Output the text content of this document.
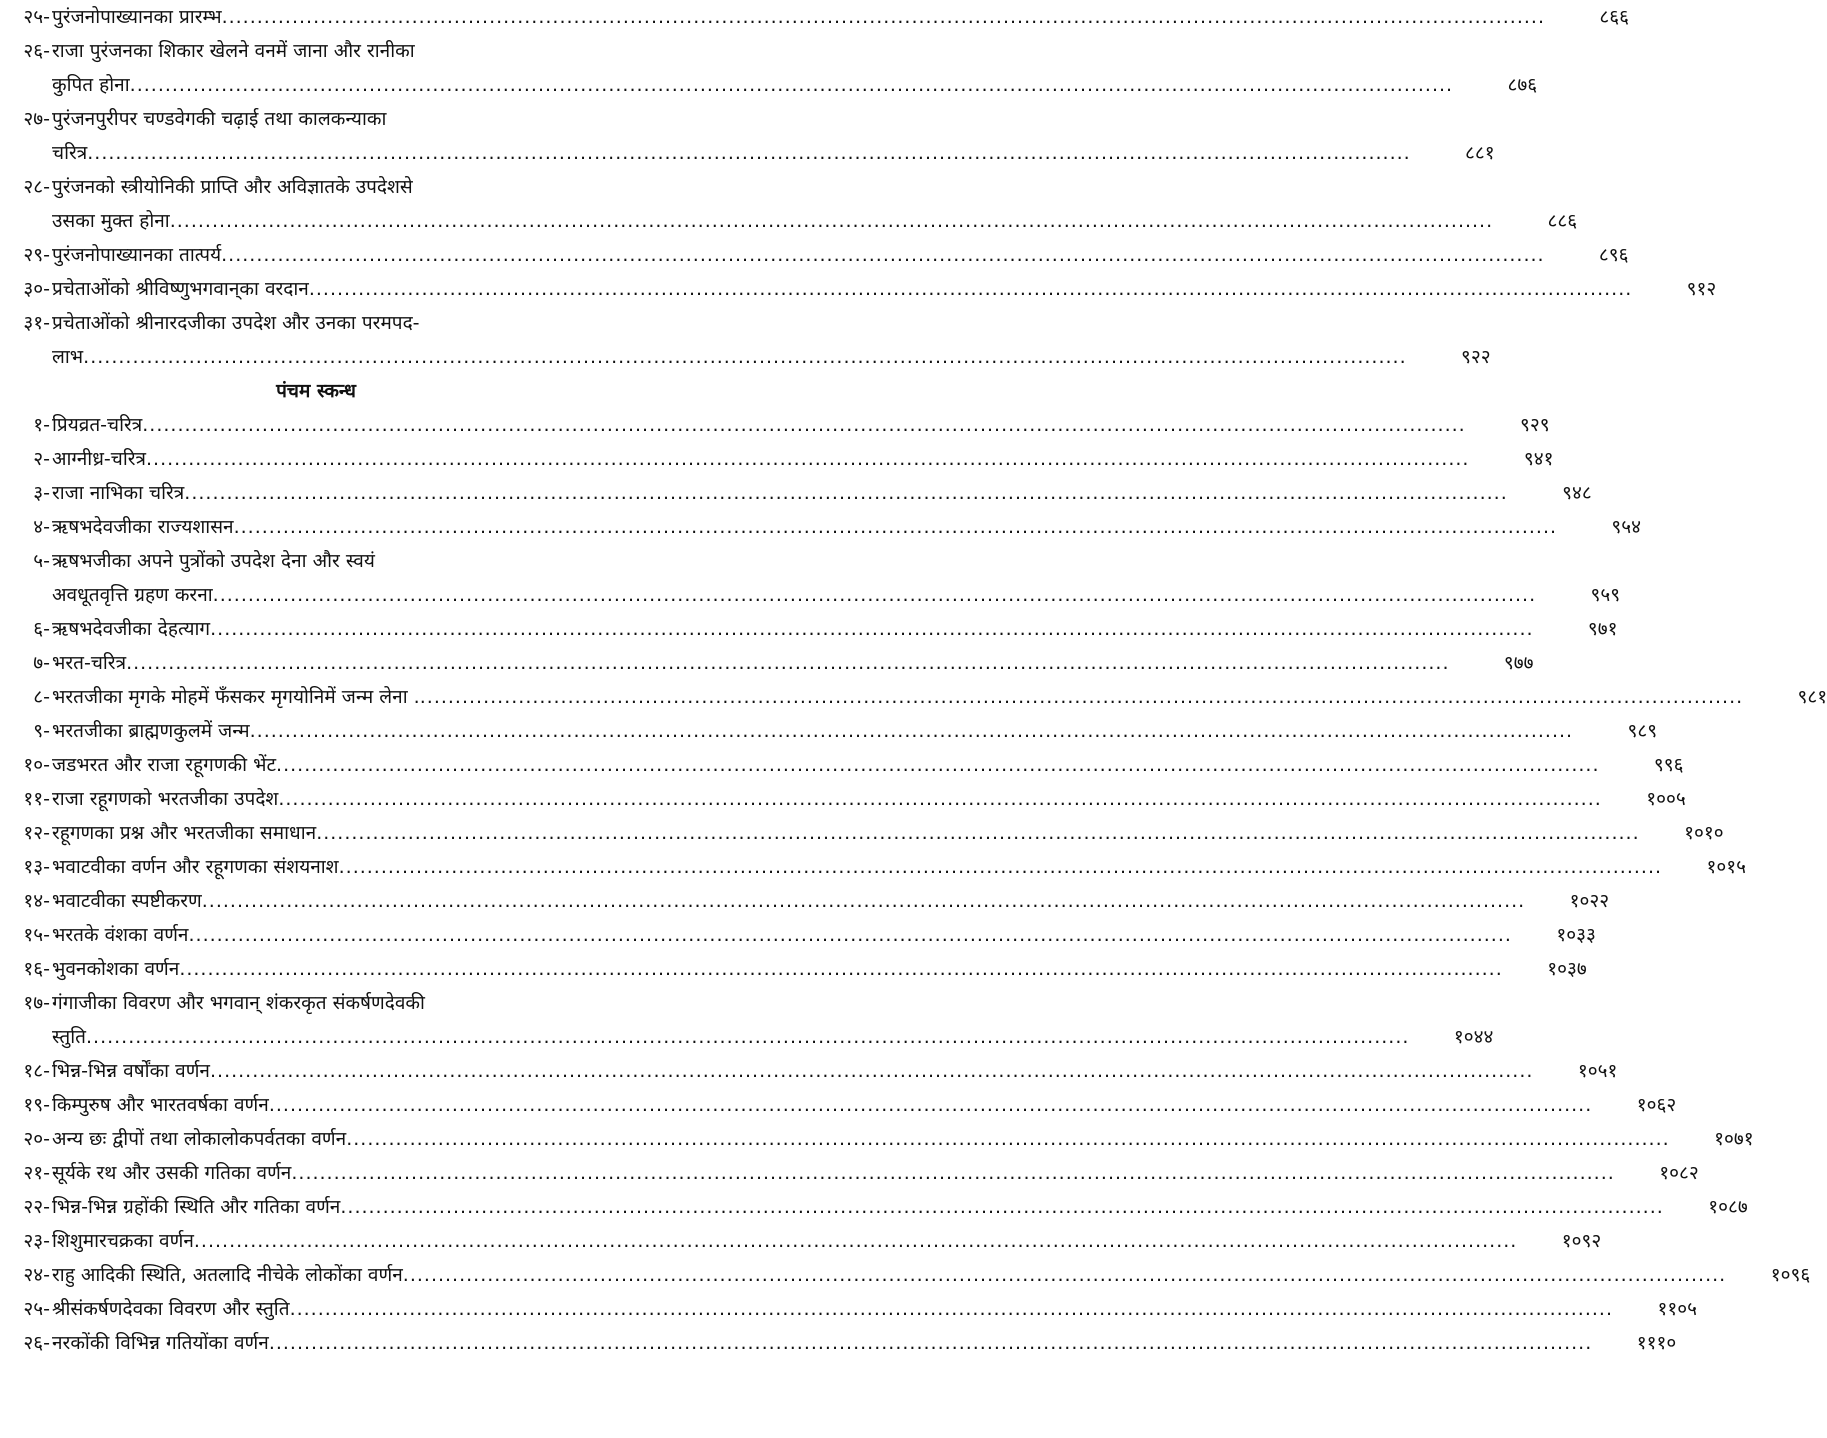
२५- पुरंजनोपाख्यानका प्रारम्भ .....	८६६
२६- राजा पुरंजनका शिकार खेलने वनमें जाना और रानीका
कुपित होना .....	८७६
२७- पुरंजनपुरीपर चण्डवेगकी चढ़ाई तथा कालकन्याका
चरित्र .....	८८१
२८- पुरंजनको स्त्रीयोनिकी प्राप्ति और अविज्ञातके उपदेशसे
उसका मुक्त होना .....	८८६
२९- पुरंजनोपाख्यानका तात्पर्य .....	८९६
३०- प्रचेताओंको श्रीविष्णुभगवान्‌का वरदान .....	९१२
३१- प्रचेताओंको श्रीनारदजीका उपदेश और उनका परमपद-
लाभ .....	९२२
पंचम स्कन्ध
१- प्रियव्रत-चरित्र .....	९२९
२- आग्नीध्र-चरित्र .....	९४१
३- राजा नाभिका चरित्र .....	९४८
४- ऋषभदेवजीका राज्यशासन .....	९५४
५- ऋषभजीका अपने पुत्रोंको उपदेश देना और स्वयं
अवधूतवृत्ति ग्रहण करना .....	९५९
६- ऋषभदेवजीका देहत्याग .....	९७१
७- भरत-चरित्र .....	९७७
८- भरतजीका मृगके मोहमें फँसकर मृगयोनिमें जन्म लेना . .....	९८१
९- भरतजीका ब्राह्मणकुलमें जन्म .....	९८९
१०- जडभरत और राजा रहूगणकी भेंट .....	९९६
११- राजा रहूगणको भरतजीका उपदेश .....	१००५
१२- रहूगणका प्रश्न और भरतजीका समाधान .....	१०१०
१३- भवाटवीका वर्णन और रहूगणका संशयनाश .....	१०१५
१४- भवाटवीका स्पष्टीकरण .....	१०२२
१५- भरतके वंशका वर्णन .....	१०३३
१६- भुवनकोशका वर्णन .....	१०३७
१७- गंगाजीका विवरण और भगवान् शंकरकृत संकर्षणदेवकी
स्तुति .....	१०४४
१८- भिन्न-भिन्न वर्षोंका वर्णन .....	१०५१
१९- किम्पुरुष और भारतवर्षका वर्णन .....	१०६२
२०- अन्य छः द्वीपों तथा लोकालोकपर्वतका वर्णन .....	१०७१
२१- सूर्यके रथ और उसकी गतिका वर्णन .....	१०८२
२२- भिन्न-भिन्न ग्रहोंकी स्थिति और गतिका वर्णन .....	१०८७
२३- शिशुमारचक्रका वर्णन .....	१०९२
२४- राहु आदिकी स्थिति, अतलादि नीचेके लोकोंका वर्णन .....	१०९६
२५- श्रीसंकर्षणदेवका विवरण और स्तुति .....	११०५
२६- नरकोंकी विभिन्न गतियोंका वर्णन .....	१११०
